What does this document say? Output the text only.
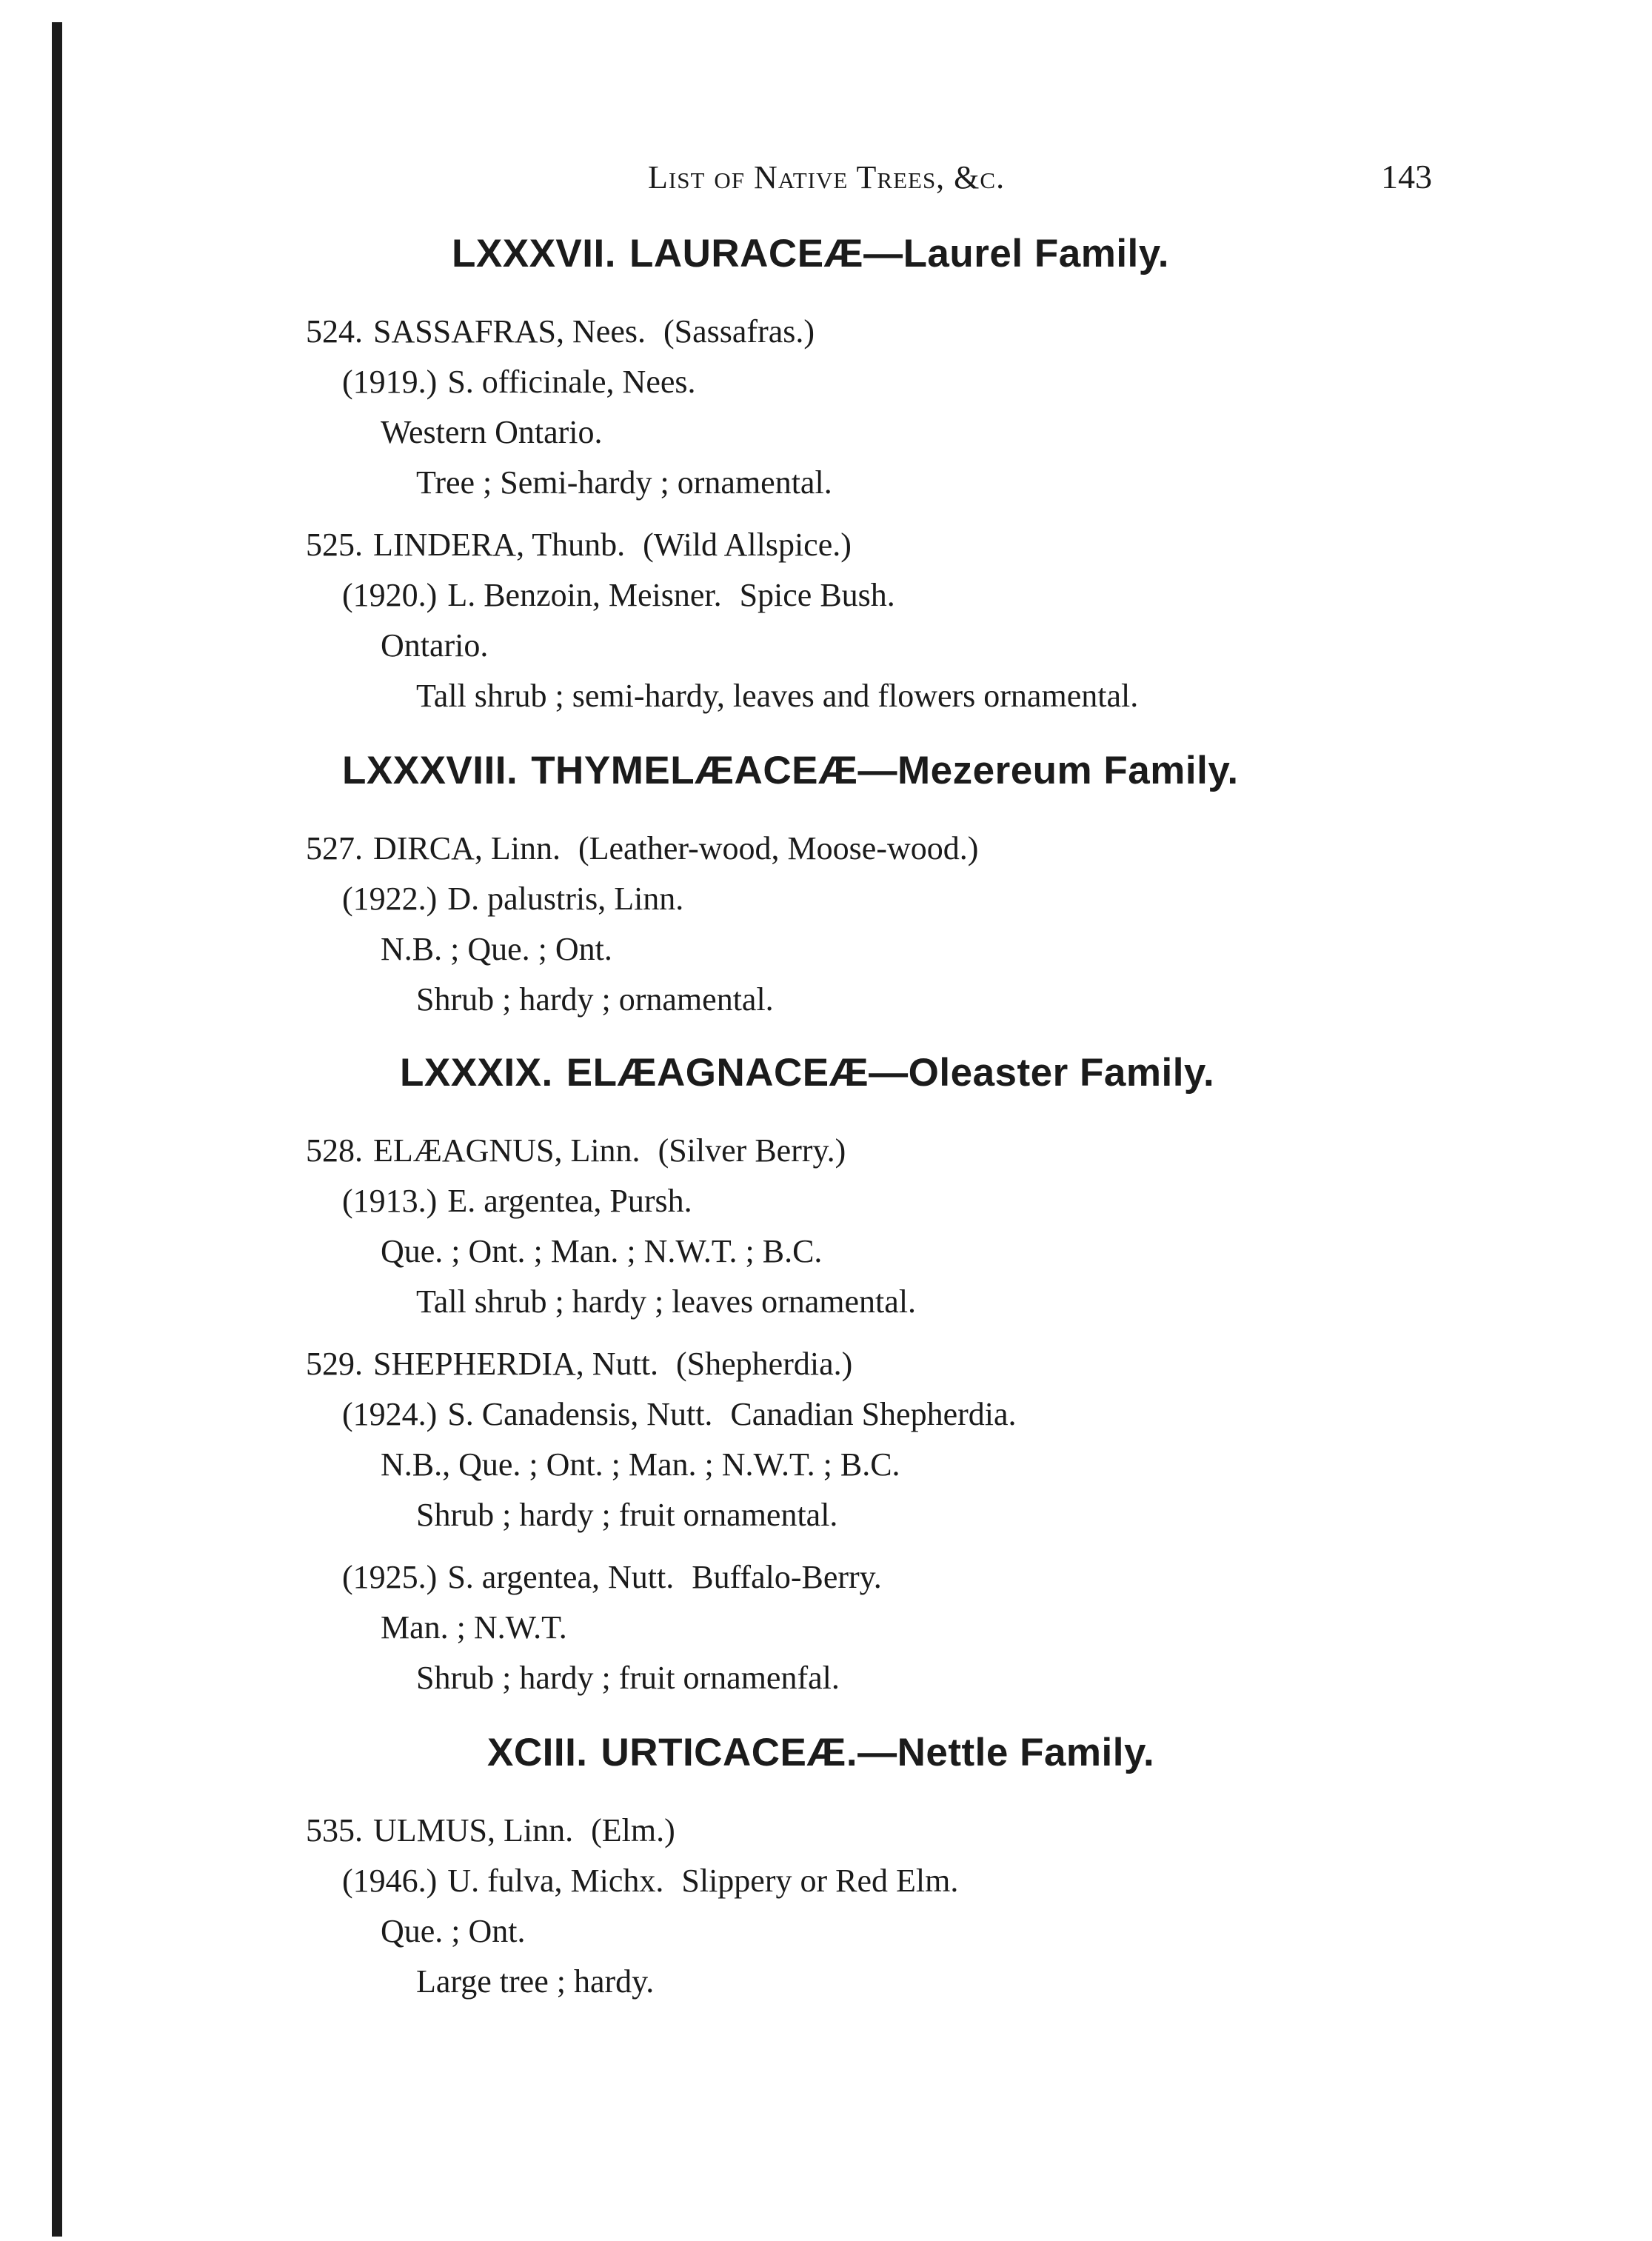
List of Native Trees, &c.	143
LXXXVII. LAURACEÆ—Laurel Family.
524. SASSAFRAS, Nees. (Sassafras.)
(1919.) S. officinale, Nees.
Western Ontario.
Tree ; Semi-hardy ; ornamental.
525. LINDERA, Thunb. (Wild Allspice.)
(1920.) L. Benzoin, Meisner. Spice Bush.
Ontario.
Tall shrub ; semi-hardy, leaves and flowers ornamental.
LXXXVIII. THYMELÆACEÆ—Mezereum Family.
527. DIRCA, Linn. (Leather-wood, Moose-wood.)
(1922.) D. palustris, Linn.
N.B. ; Que. ; Ont.
Shrub ; hardy ; ornamental.
LXXXIX. ELÆAGNACEÆ—Oleaster Family.
528. ELÆAGNUS, Linn. (Silver Berry.)
(1913.) E. argentea, Pursh.
Que. ; Ont. ; Man. ; N.W.T. ; B.C.
Tall shrub ; hardy ; leaves ornamental.
529. SHEPHERDIA, Nutt. (Shepherdia.)
(1924.) S. Canadensis, Nutt. Canadian Shepherdia.
N.B., Que. ; Ont. ; Man. ; N.W.T. ; B.C.
Shrub ; hardy ; fruit ornamental.
(1925.) S. argentea, Nutt. Buffalo-Berry.
Man. ; N.W.T.
Shrub ; hardy ; fruit ornamenfal.
XCIII. URTICACEÆ.—Nettle Family.
535. ULMUS, Linn. (Elm.)
(1946.) U. fulva, Michx. Slippery or Red Elm.
Que. ; Ont.
Large tree ; hardy.
